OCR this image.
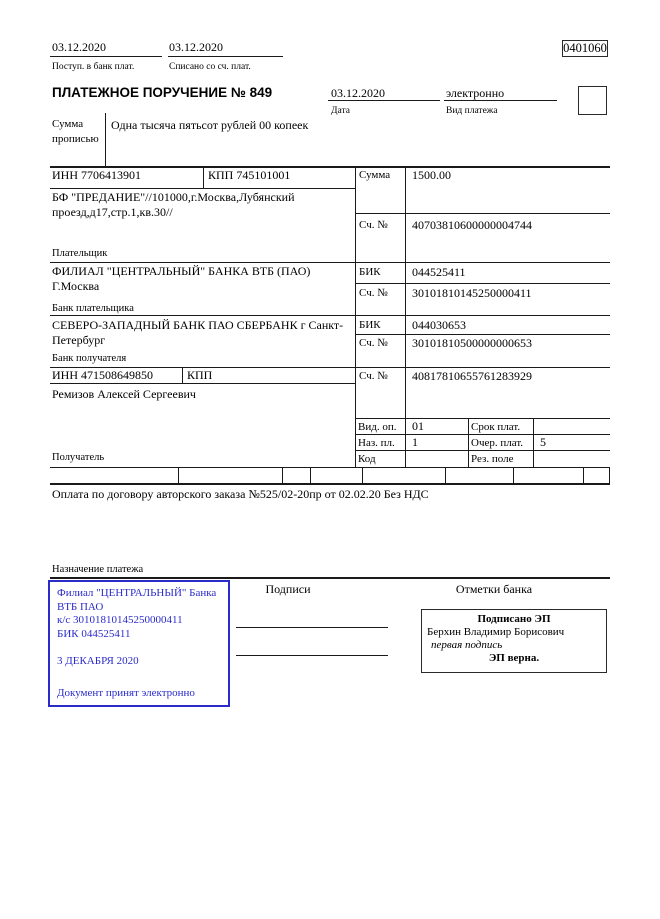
03.12.2020	03.12.2020
Поступ. в банк плат.	Списано со сч. плат.
0401060
ПЛАТЕЖНОЕ ПОРУЧЕНИЕ № 849	03.12.2020
Дата
электронно
Вид платежа
Сумма
прописью
Одна тысяча пятьсот рублей 00 копеек
ИНН 7706413901	КПП 745101001
БФ "ПРЕДАНИЕ"//101000,г.Москва,Лубянский проезд,д17,стр.1,кв.30//
Плательщик
Сумма 1500.00
Сч. № 40703810600000004744
ФИЛИАЛ "ЦЕНТРАЛЬНЫЙ" БАНКА ВТБ (ПАО) Г.Москва
Банк плательщика
БИК	044525411
Сч. № 30101810145250000411
СЕВЕРО-ЗАПАДНЫЙ БАНК ПАО СБЕРБАНК г Санкт-Петербург
Банк получателя
БИК	044030653
Сч. № 30101810500000000653
ИНН 471508649850	КПП
Ремизов Алексей Сергеевич
Получатель
Сч. № 40817810655761283929
Вид. оп. 01	Срок плат.
Наз. пл. 1	Очер. плат. 5
Код	Рез. поле
Оплата по договору авторского заказа №525/02-20пр от 02.02.20 Без НДС
Назначение платежа
Филиал "ЦЕНТРАЛЬНЫЙ" Банка
ВТБ ПАО
к/с 30101810145250000411
БИК 044525411
3 ДЕКАБРЯ 2020
Документ принят электронно
Подписи	Отметки банка
Подписано ЭП
Берхин Владимир Борисович
первая подпись
ЭП верна.
